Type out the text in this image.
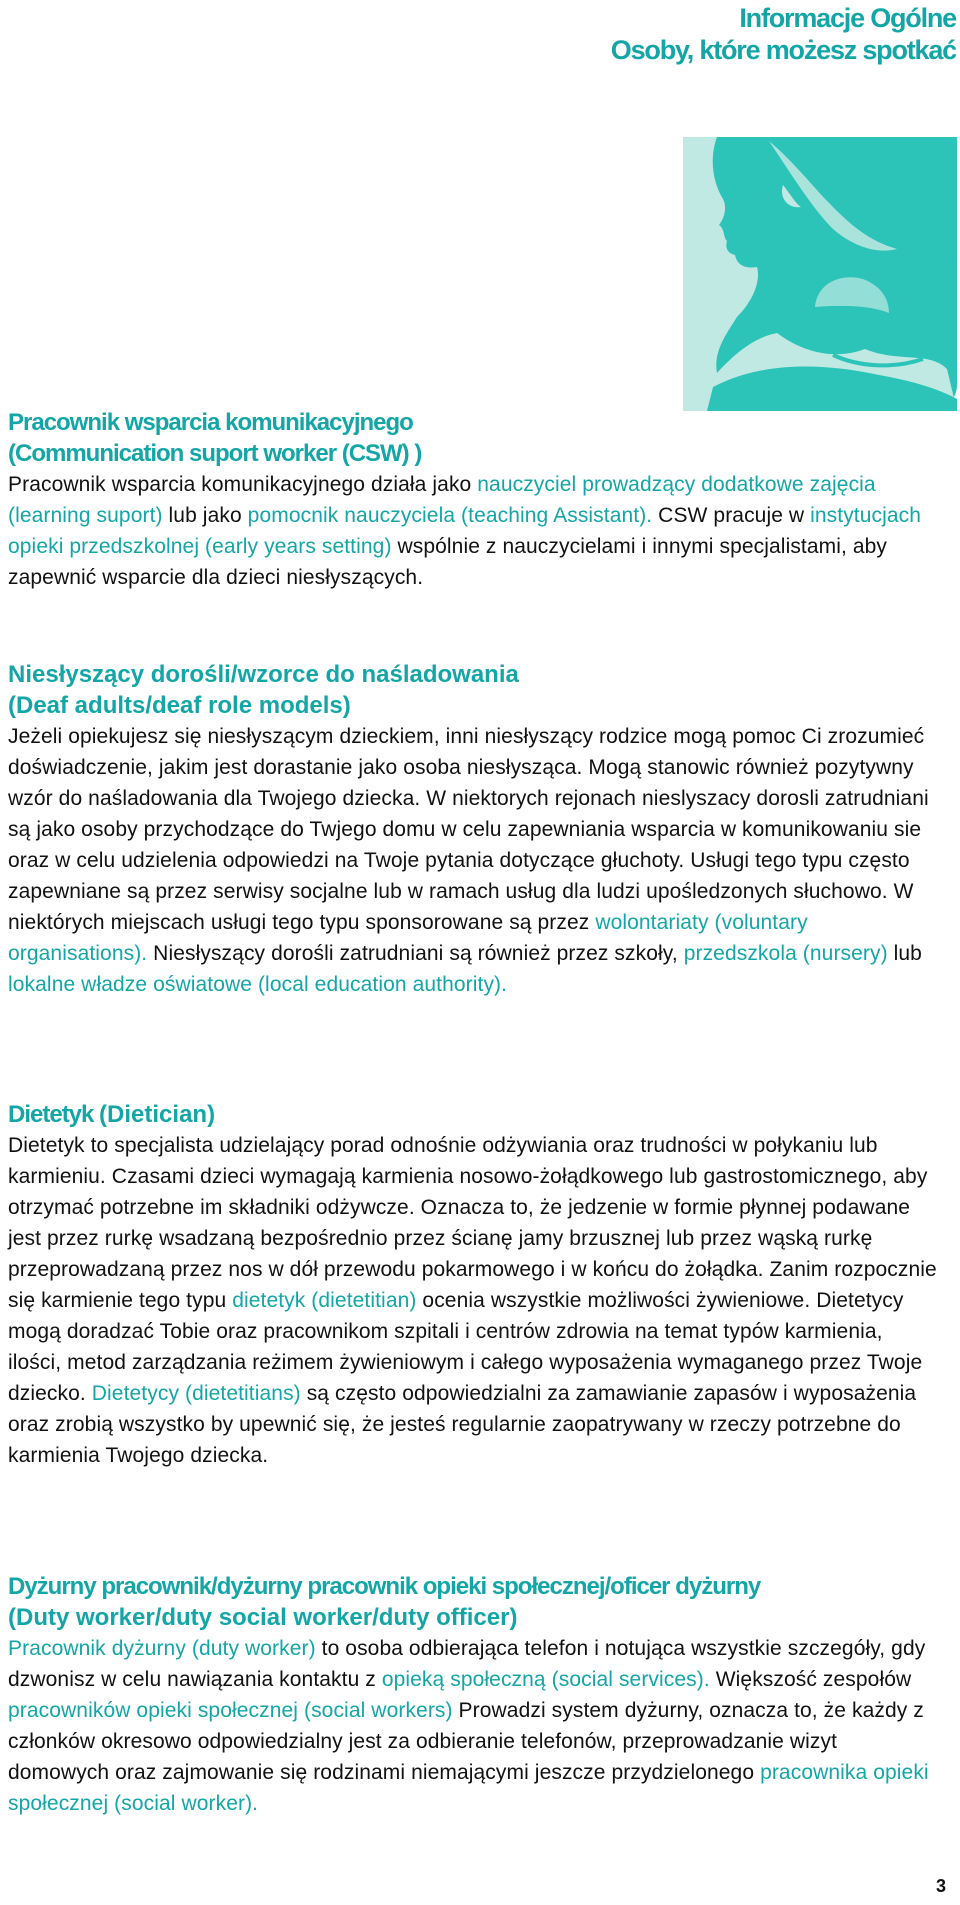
Informacje Ogólne
Osoby, które możesz spotkać

Pracownik wsparcia komunikacyjnego
(Communication suport worker (CSW) )

Pracownik wsparcia komunikacyjnego działa jako nauczyciel prowadzący dodatkowe zajęcia (learning suport) lub jako pomocnik nauczyciela (teaching Assistant). CSW pracuje w instytucjach opieki przedszkolnej (early years setting) wspólnie z nauczycielami i innymi specjalistami, aby zapewnić wsparcie dla dzieci niesłyszących.

Niesłyszący dorośli/wzorce do naśladowania
(Deaf adults/deaf role models)

Jeżeli opiekujesz się niesłyszącym dzieckiem, inni niesłyszący rodzice mogą pomoc Ci zrozumieć doświadczenie, jakim jest dorastanie jako osoba niesłysząca. Mogą stanowic również pozytywny wzór do naśladowania dla Twojego dziecka. W niektorych rejonach nieslyszacy dorosli zatrudniani są jako osoby przychodzące do Twjego domu w celu zapewniania wsparcia w komunikowaniu sie oraz w celu udzielenia odpowiedzi na Twoje pytania dotyczące głuchoty. Usługi tego typu często zapewniane są przez serwisy socjalne lub w ramach usług dla ludzi upośledzonych słuchowo. W niektórych miejscach usługi tego typu sponsorowane są przez wolontariaty (voluntary organisations). Niesłyszący dorośli zatrudniani są również przez szkoły, przedszkola (nursery) lub lokalne władze oświatowe (local education authority).

Dietetyk (Dietician)

Dietetyk to specjalista udzielający porad odnośnie odżywiania oraz trudności w połykaniu lub karmieniu. Czasami dzieci wymagają karmienia nosowo-żołądkowego lub gastrostomicznego, aby otrzymać potrzebne im składniki odżywcze. Oznacza to, że jedzenie w formie płynnej podawane jest przez rurkę wsadzaną bezpośrednio przez ścianę jamy brzusznej lub przez wąską rurkę przeprowadzaną przez nos w dół przewodu pokarmowego i w końcu do żołądka. Zanim rozpocznie się karmienie tego typu dietetyk (dietetitian) ocenia wszystkie możliwości żywieniowe. Dietetycy mogą doradzać Tobie oraz pracownikom szpitali i centrów zdrowia na temat typów karmienia, ilości, metod zarządzania reżimem żywieniowym i całego wyposażenia wymaganego przez Twoje dziecko. Dietetycy (dietetitians) są często odpowiedzialni za zamawianie zapasów i wyposażenia oraz zrobią wszystko by upewnić się, że jesteś regularnie zaopatrywany w rzeczy potrzebne do karmienia Twojego dziecka.

Dyżurny pracownik/dyżurny pracownik opieki społecznej/oficer dyżurny
(Duty worker/duty social worker/duty officer)

Pracownik dyżurny (duty worker) to osoba odbierająca telefon i notująca wszystkie szczegóły, gdy dzwonisz w celu nawiązania kontaktu z opieką społeczną (social services). Większość zespołów pracowników opieki społecznej (social workers) Prowadzi system dyżurny, oznacza to, że każdy z członków okresowo odpowiedzialny jest za odbieranie telefonów, przeprowadzanie wizyt domowych oraz zajmowanie się rodzinami niemającymi jeszcze przydzielonego pracownika opieki społecznej (social worker).

3
